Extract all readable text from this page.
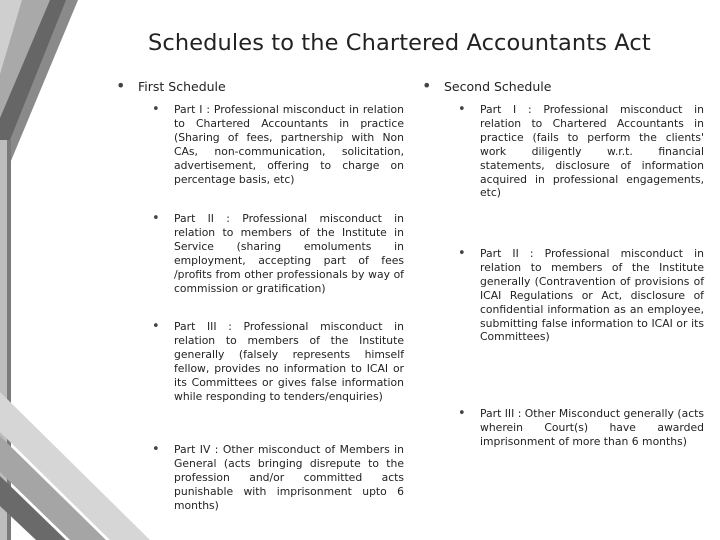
Schedules to the Chartered Accountants Act
• First Schedule
• Part I : Professional misconduct in relation to Chartered Accountants in practice (Sharing of fees, partnership with Non CAs, non-communication, solicitation, advertisement, offering to charge on percentage basis, etc)
• Part II : Professional misconduct in relation to members of the Institute in Service (sharing emoluments in employment, accepting part of fees /profits from other professionals by way of commission or gratification)
• Part III : Professional misconduct in relation to members of the Institute generally (falsely represents himself fellow, provides no information to ICAI or its Committees or gives false information while responding to tenders/enquiries)
• Part IV : Other misconduct of Members in General (acts bringing disrepute to the profession and/or committed acts punishable with imprisonment upto 6 months)
• Second Schedule
• Part I : Professional misconduct in relation to Chartered Accountants in practice (fails to perform the clients' work diligently w.r.t. financial statements, disclosure of information acquired in professional engagements, etc)
• Part II : Professional misconduct in relation to members of the Institute generally (Contravention of provisions of ICAI Regulations or Act, disclosure of confidential information as an employee, submitting false information to ICAI or its Committees)
• Part III : Other Misconduct generally (acts wherein Court(s) have awarded imprisonment of more than 6 months)
